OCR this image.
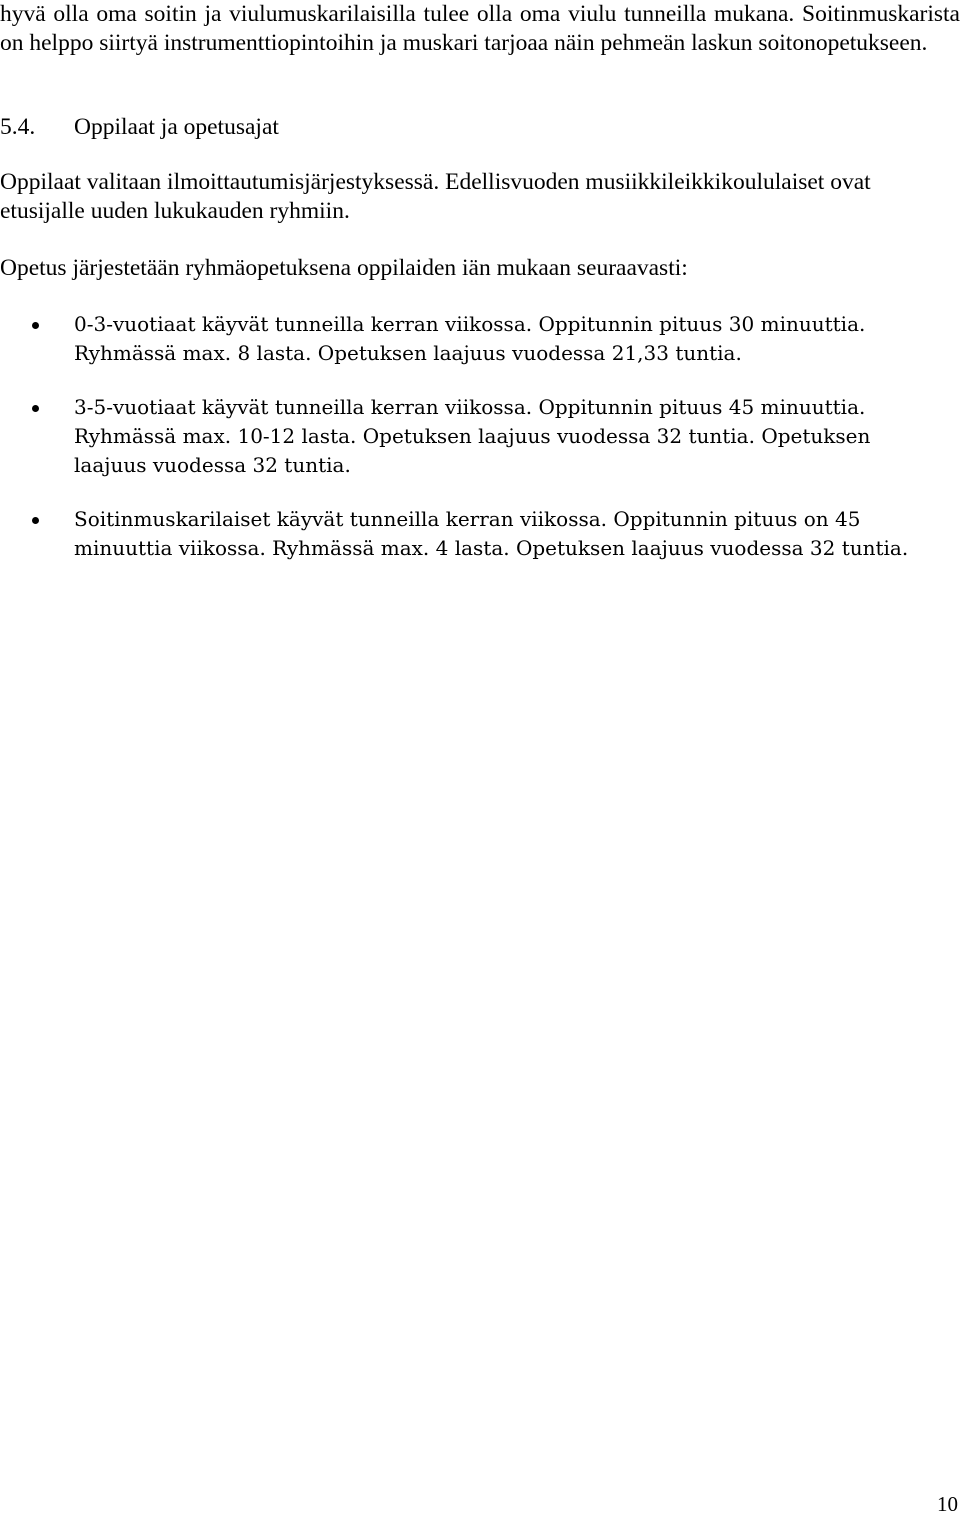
hyvä olla oma soitin ja viulumuskarilaisilla tulee olla oma viulu tunneilla mukana. Soitinmuskarista on helppo siirtyä instrumenttiopintoihin ja muskari tarjoaa näin pehmeän laskun soitonopetukseen.

5.4. Oppilaat ja opetusajat

Oppilaat valitaan ilmoittautumisjärjestyksessä. Edellisvuoden musiikkileikkikoululaiset ovat etusijalle uuden lukukauden ryhmiin.

Opetus järjestetään ryhmäopetuksena oppilaiden iän mukaan seuraavasti:

0-3-vuotiaat käyvät tunneilla kerran viikossa. Oppitunnin pituus 30 minuuttia. Ryhmässä max. 8 lasta. Opetuksen laajuus vuodessa 21,33 tuntia.
3-5-vuotiaat käyvät tunneilla kerran viikossa. Oppitunnin pituus 45 minuuttia. Ryhmässä max. 10-12 lasta. Opetuksen laajuus vuodessa 32 tuntia. Opetuksen laajuus vuodessa 32 tuntia.
Soitinmuskarilaiset käyvät tunneilla kerran viikossa. Oppitunnin pituus on 45 minuuttia viikossa. Ryhmässä max. 4 lasta. Opetuksen laajuus vuodessa 32 tuntia.

10
